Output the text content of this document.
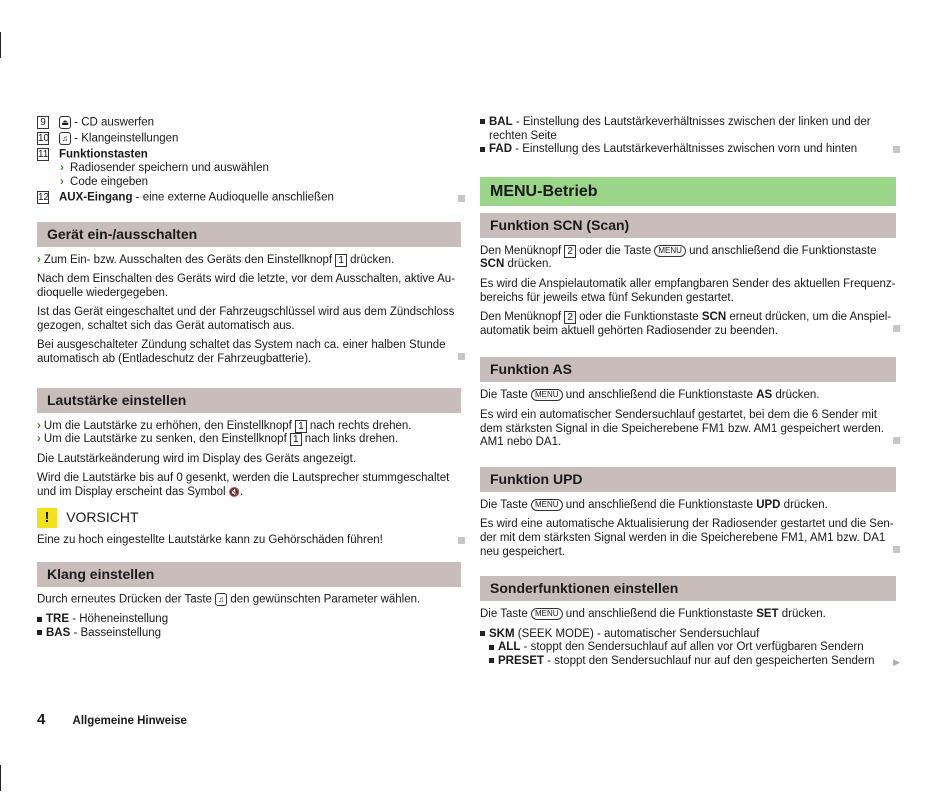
9 ⏏ - CD auswerfen
10 ♫ - Klangeinstellungen
11 Funktionstasten
› Radiosender speichern und auswählen
› Code eingeben
12 AUX-Eingang - eine externe Audioquelle anschließen
Gerät ein-/ausschalten

› Zum Ein- bzw. Ausschalten des Geräts den Einstellknopf 1 drücken.

Nach dem Einschalten des Geräts wird die letzte, vor dem Ausschalten, aktive Au-dioquelle wiedergegeben.

Ist das Gerät eingeschaltet und der Fahrzeugschlüssel wird aus dem Zündschloss gezogen, schaltet sich das Gerät automatisch aus.

Bei ausgeschalteter Zündung schaltet das System nach ca. einer halben Stunde automatisch ab (Entladeschutz der Fahrzeugbatterie).

Lautstärke einstellen

› Um die Lautstärke zu erhöhen, den Einstellknopf 1 nach rechts drehen.

› Um die Lautstärke zu senken, den Einstellknopf 1 nach links drehen.

Die Lautstärkeänderung wird im Display des Geräts angezeigt.

Wird die Lautstärke bis auf 0 gesenkt, werden die Lautsprecher stummgeschaltet und im Display erscheint das Symbol 🔇.

! VORSICHT

Eine zu hoch eingestellte Lautstärke kann zu Gehörschäden führen!

Klang einstellen

Durch erneutes Drücken der Taste ♫ den gewünschten Parameter wählen.

TRE - Höheneinstellung

BAS - Basseinstellung

BAL - Einstellung des Lautstärkeverhältnisses zwischen der linken und der rechten Seite

FAD - Einstellung des Lautstärkeverhältnisses zwischen vorn und hinten

MENU-Betrieb
Funktion SCN (Scan)

Den Menüknopf 2 oder die Taste MENU und anschließend die Funktionstaste SCN drücken.

Es wird die Anspielautomatik aller empfangbaren Sender des aktuellen Frequenz-bereichs für jeweils etwa fünf Sekunden gestartet.

Den Menüknopf 2 oder die Funktionstaste SCN erneut drücken, um die Anspiel-automatik beim aktuell gehörten Radiosender zu beenden.

Funktion AS

Die Taste MENU und anschließend die Funktionstaste AS drücken.

Es wird ein automatischer Sendersuchlauf gestartet, bei dem die 6 Sender mit dem stärksten Signal in die Speicherebene FM1 bzw. AM1 gespeichert werden. AM1 nebo DA1.

Funktion UPD

Die Taste MENU und anschließend die Funktionstaste UPD drücken.

Es wird eine automatische Aktualisierung der Radiosender gestartet und die Sen-der mit dem stärksten Signal werden in die Speicherebene FM1, AM1 bzw. DA1 neu gespeichert.

Sonderfunktionen einstellen

Die Taste MENU und anschließend die Funktionstaste SET drücken.

SKM (SEEK MODE) - automatischer Sendersuchlauf

ALL - stoppt den Sendersuchlauf auf allen vor Ort verfügbaren Sendern

PRESET - stoppt den Sendersuchlauf nur auf den gespeicherten Sendern	▶
4 Allgemeine Hinweise
